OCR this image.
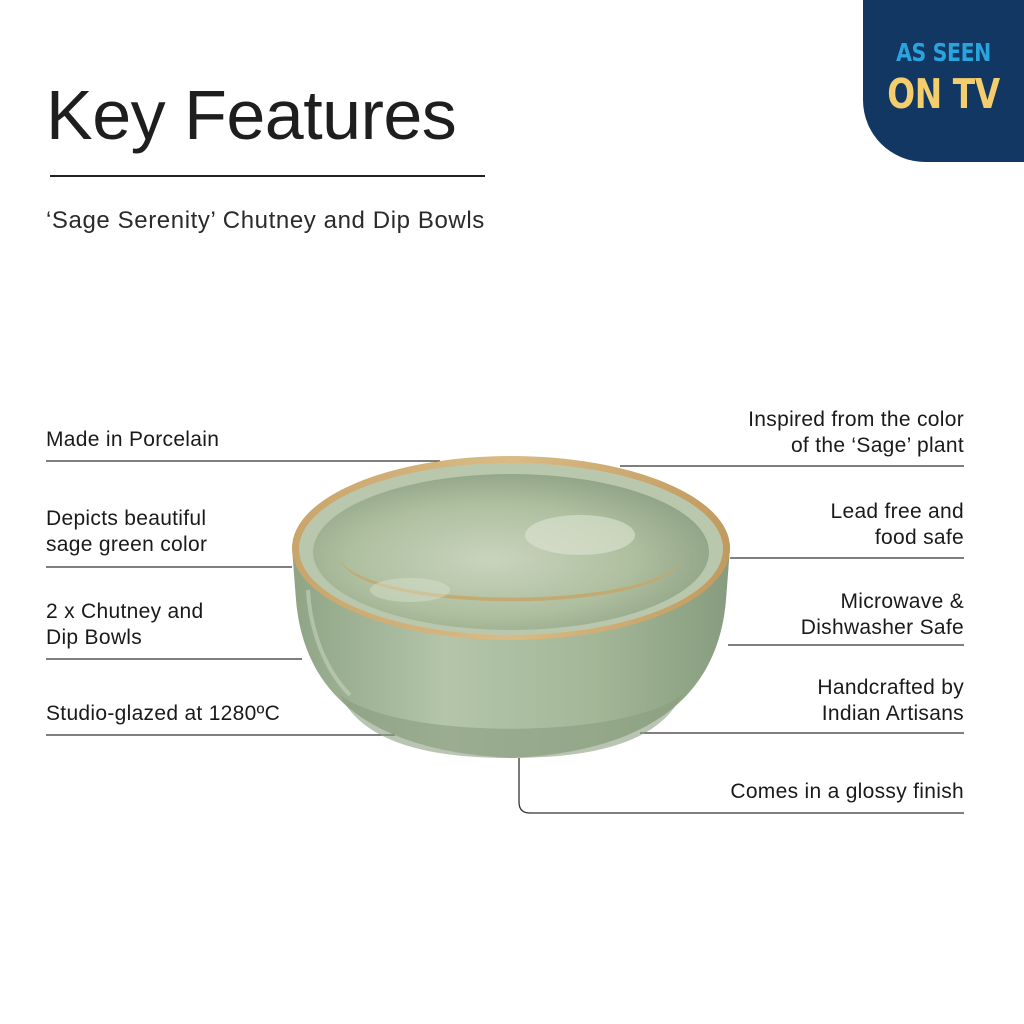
Key Features
‘Sage Serenity’ Chutney and Dip Bowls
AS SEEN
ON TV
Made in Porcelain
Depicts beautiful
sage green color
2 x Chutney and
Dip Bowls
Studio-glazed at 1280ºC
Inspired from the color
of the ‘Sage’ plant
Lead free and
food safe
Microwave &
Dishwasher Safe
Handcrafted by
Indian Artisans
Comes in a glossy finish
